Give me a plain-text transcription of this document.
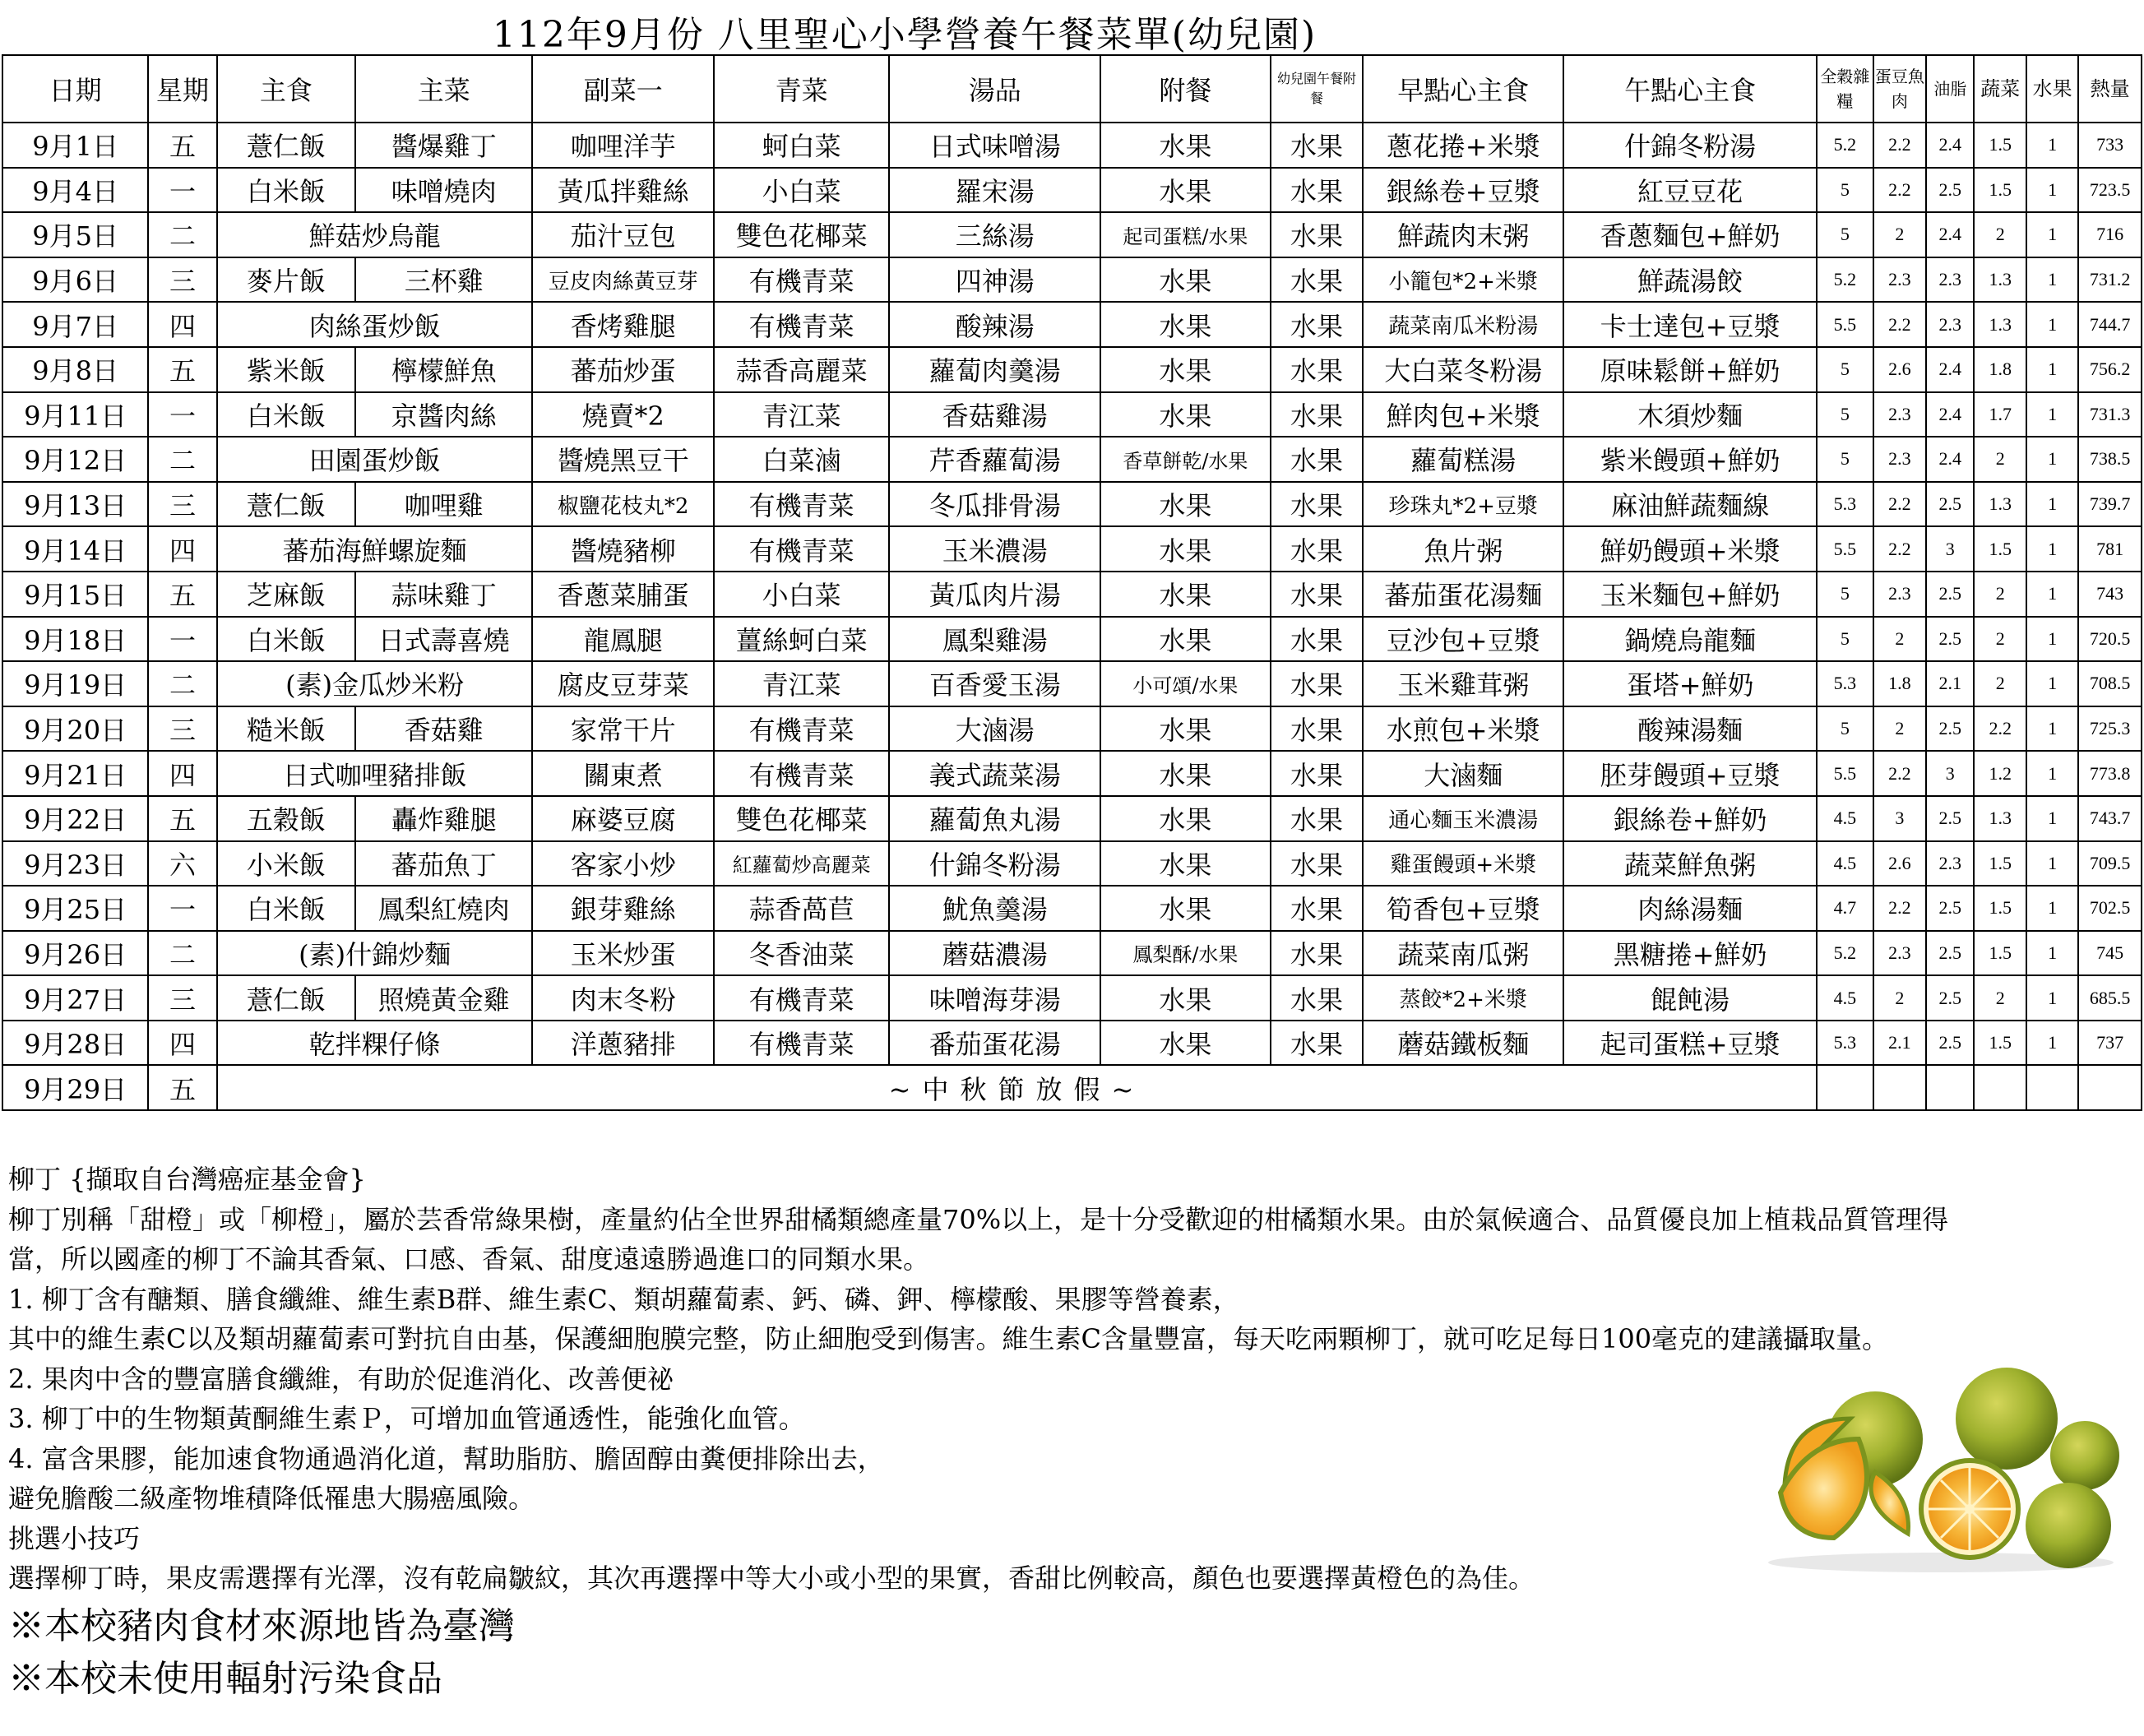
112年9月份 八里聖心小學營養午餐菜單(幼兒園)
日期	星期	主食	主菜	副菜一	青菜	湯品	附餐	幼兒園午餐附餐	早點心主食	午點心主食	全穀雜糧	蛋豆魚肉	油脂	蔬菜	水果	熱量
9月1日	五	薏仁飯	醬爆雞丁	咖哩洋芋	蚵白菜	日式味噌湯	水果	水果	蔥花捲+米漿	什錦冬粉湯	5.2	2.2	2.4	1.5	1	733
9月4日	一	白米飯	味噌燒肉	黃瓜拌雞絲	小白菜	羅宋湯	水果	水果	銀絲卷+豆漿	紅豆豆花	5	2.2	2.5	1.5	1	723.5
9月5日	二	鮮菇炒烏龍		茄汁豆包	雙色花椰菜	三絲湯	起司蛋糕/水果	水果	鮮蔬肉末粥	香蔥麵包+鮮奶	5	2	2.4	2	1	716
9月6日	三	麥片飯	三杯雞	豆皮肉絲黃豆芽	有機青菜	四神湯	水果	水果	小籠包*2+米漿	鮮蔬湯餃	5.2	2.3	2.3	1.3	1	731.2
9月7日	四	肉絲蛋炒飯		香烤雞腿	有機青菜	酸辣湯	水果	水果	蔬菜南瓜米粉湯	卡士達包+豆漿	5.5	2.2	2.3	1.3	1	744.7
9月8日	五	紫米飯	檸檬鮮魚	蕃茄炒蛋	蒜香高麗菜	蘿蔔肉羹湯	水果	水果	大白菜冬粉湯	原味鬆餅+鮮奶	5	2.6	2.4	1.8	1	756.2
9月11日	一	白米飯	京醬肉絲	燒賣*2	青江菜	香菇雞湯	水果	水果	鮮肉包+米漿	木須炒麵	5	2.3	2.4	1.7	1	731.3
9月12日	二	田園蛋炒飯		醬燒黑豆干	白菜滷	芹香蘿蔔湯	香草餅乾/水果	水果	蘿蔔糕湯	紫米饅頭+鮮奶	5	2.3	2.4	2	1	738.5
9月13日	三	薏仁飯	咖哩雞	椒鹽花枝丸*2	有機青菜	冬瓜排骨湯	水果	水果	珍珠丸*2+豆漿	麻油鮮蔬麵線	5.3	2.2	2.5	1.3	1	739.7
9月14日	四	蕃茄海鮮螺旋麵		醬燒豬柳	有機青菜	玉米濃湯	水果	水果	魚片粥	鮮奶饅頭+米漿	5.5	2.2	3	1.5	1	781
9月15日	五	芝麻飯	蒜味雞丁	香蔥菜脯蛋	小白菜	黃瓜肉片湯	水果	水果	蕃茄蛋花湯麵	玉米麵包+鮮奶	5	2.3	2.5	2	1	743
9月18日	一	白米飯	日式壽喜燒	龍鳳腿	薑絲蚵白菜	鳳梨雞湯	水果	水果	豆沙包+豆漿	鍋燒烏龍麵	5	2	2.5	2	1	720.5
9月19日	二	(素)金瓜炒米粉		腐皮豆芽菜	青江菜	百香愛玉湯	小可頌/水果	水果	玉米雞茸粥	蛋塔+鮮奶	5.3	1.8	2.1	2	1	708.5
9月20日	三	糙米飯	香菇雞	家常干片	有機青菜	大滷湯	水果	水果	水煎包+米漿	酸辣湯麵	5	2	2.5	2.2	1	725.3
9月21日	四	日式咖哩豬排飯		關東煮	有機青菜	義式蔬菜湯	水果	水果	大滷麵	胚芽饅頭+豆漿	5.5	2.2	3	1.2	1	773.8
9月22日	五	五穀飯	轟炸雞腿	麻婆豆腐	雙色花椰菜	蘿蔔魚丸湯	水果	水果	通心麵玉米濃湯	銀絲卷+鮮奶	4.5	3	2.5	1.3	1	743.7
9月23日	六	小米飯	蕃茄魚丁	客家小炒	紅蘿蔔炒高麗菜	什錦冬粉湯	水果	水果	雞蛋饅頭+米漿	蔬菜鮮魚粥	4.5	2.6	2.3	1.5	1	709.5
9月25日	一	白米飯	鳳梨紅燒肉	銀芽雞絲	蒜香萵苣	魷魚羹湯	水果	水果	筍香包+豆漿	肉絲湯麵	4.7	2.2	2.5	1.5	1	702.5
9月26日	二	(素)什錦炒麵		玉米炒蛋	冬香油菜	蘑菇濃湯	鳳梨酥/水果	水果	蔬菜南瓜粥	黑糖捲+鮮奶	5.2	2.3	2.5	1.5	1	745
9月27日	三	薏仁飯	照燒黃金雞	肉末冬粉	有機青菜	味噌海芽湯	水果	水果	蒸餃*2+米漿	餛飩湯	4.5	2	2.5	2	1	685.5
9月28日	四	乾拌粿仔條		洋蔥豬排	有機青菜	番茄蛋花湯	水果	水果	蘑菇鐵板麵	起司蛋糕+豆漿	5.3	2.1	2.5	1.5	1	737
9月29日	五	~中秋節放假~														

柳丁 {擷取自台灣癌症基金會}

柳丁別稱「甜橙」或「柳橙」，屬於芸香常綠果樹，產量約佔全世界甜橘類總產量70%以上，是十分受歡迎的柑橘類水果。由於氣候適合、品質優良加上植栽品質管理得

當，所以國產的柳丁不論其香氣、口感、香氣、甜度遠遠勝過進口的同類水果。

1. 柳丁含有醣類、膳食纖維、維生素B群、維生素C、類胡蘿蔔素、鈣、磷、鉀、檸檬酸、果膠等營養素，

其中的維生素C以及類胡蘿蔔素可對抗自由基，保護細胞膜完整，防止細胞受到傷害。維生素C含量豐富，每天吃兩顆柳丁，就可吃足每日100毫克的建議攝取量。

2. 果肉中含的豐富膳食纖維，有助於促進消化、改善便祕

3. 柳丁中的生物類黃酮維生素Ｐ，可增加血管通透性，能強化血管。

4. 富含果膠，能加速食物通過消化道，幫助脂肪、膽固醇由糞便排除出去，

避免膽酸二級產物堆積降低罹患大腸癌風險。

挑選小技巧

選擇柳丁時，果皮需選擇有光澤，沒有乾扁皺紋，其次再選擇中等大小或小型的果實，香甜比例較高，顏色也要選擇黃橙色的為佳。

※本校豬肉食材來源地皆為臺灣

※本校未使用輻射污染食品
